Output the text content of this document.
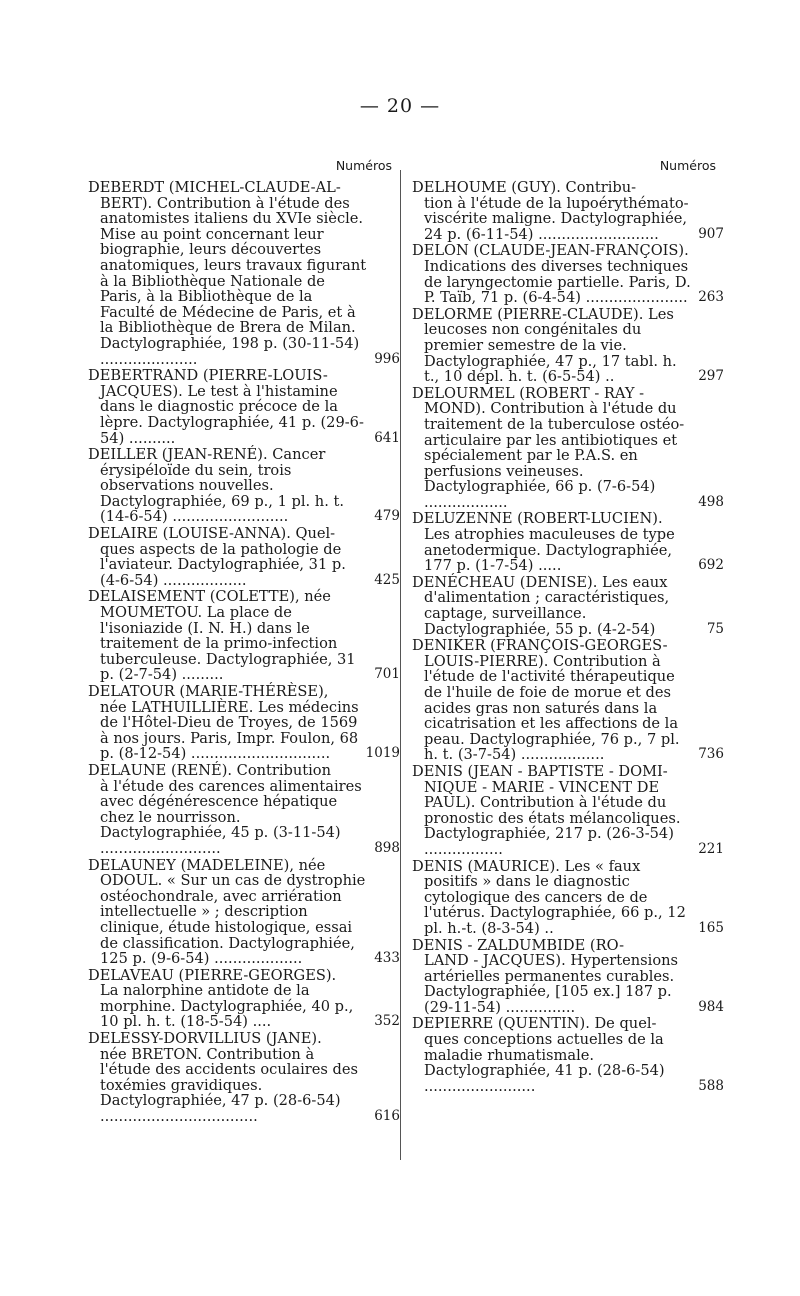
— 20 —
Numéros
DEBERDT (MICHEL-CLAUDE-AL-
BERT). Contribution à l'étude des anatomistes italiens du XVIe siècle. Mise au point concernant leur biographie, leurs découvertes anatomiques, leurs travaux figurant à la Bibliothèque Nationale de Paris, à la Bibliothèque de la Faculté de Médecine de Paris, et à la Bibliothèque de Brera de Milan. Dactylographiée, 198 p. (30-11-54) .....................	996
DEBERTRAND (PIERRE-LOUIS-
JACQUES). Le test à l'histamine dans le diagnostic précoce de la lèpre. Dactylographiée, 41 p. (29-6-54) ..........	641
DEILLER (JEAN-RENÉ). Cancer
érysipéloïde du sein, trois observations nouvelles. Dactylographiée, 69 p., 1 pl. h. t. (14-6-54) .........................	479
DELAIRE (LOUISE-ANNA). Quel-
ques aspects de la pathologie de l'aviateur. Dactylographiée, 31 p. (4-6-54) ..................	425
DELAISEMENT (COLETTE), née
MOUMETOU. La place de l'isoniazide (I. N. H.) dans le traitement de la primo-infection tuberculeuse. Dactylographiée, 31 p. (2-7-54) .........	701
DELATOUR (MARIE-THÉRÈSE),
née LATHUILLIÈRE. Les médecins de l'Hôtel-Dieu de Troyes, de 1569 à nos jours. Paris, Impr. Foulon, 68 p. (8-12-54) ..............................	1019
DELAUNE (RENÉ). Contribution
à l'étude des carences alimentaires avec dégénérescence hépatique chez le nourrisson. Dactylographiée, 45 p. (3-11-54) ..........................	898
DELAUNEY (MADELEINE), née
ODOUL. « Sur un cas de dystrophie ostéochondrale, avec arriération intellectuelle » ; description clinique, étude histologique, essai de classification. Dactylographiée, 125 p. (9-6-54) ...................	433
DELAVEAU (PIERRE-GEORGES).
La nalorphine antidote de la morphine. Dactylographiée, 40 p., 10 pl. h. t. (18-5-54) ....	352
DELESSY-DORVILLIUS (JANE).
née BRETON. Contribution à l'étude des accidents oculaires des toxémies gravidiques. Dactylographiée, 47 p. (28-6-54) ..................................	616
Numéros
DELHOUME (GUY). Contribu-
tion à l'étude de la lupoérythémato-viscérite maligne. Dactylographiée, 24 p. (6-11-54) ..........................	907
DELON (CLAUDE-JEAN-FRANÇOIS).
Indications des diverses techniques de laryngectomie partielle. Paris, D. P. Taïb, 71 p. (6-4-54) ...................... 263
DELORME (PIERRE-CLAUDE). Les
leucoses non congénitales du premier semestre de la vie. Dactylographiée, 47 p., 17 tabl. h. t., 10 dépl. h. t. (6-5-54) ..	297
DELOURMEL (ROBERT - RAY -
MOND). Contribution à l'étude du traitement de la tuberculose ostéo-articulaire par les antibiotiques et spécialement par le P.A.S. en perfusions veineuses. Dactylographiée, 66 p. (7-6-54) ..................	498
DELUZENNE (ROBERT-LUCIEN).
Les atrophies maculeuses de type anetodermique. Dactylographiée, 177 p. (1-7-54) .....	692
DENÉCHEAU (DENISE). Les eaux
d'alimentation ; caractéristiques, captage, surveillance. Dactylographiée, 55 p. (4-2-54)	75
DENIKER (FRANÇOIS-GEORGES-
LOUIS-PIERRE). Contribution à l'étude de l'activité thérapeutique de l'huile de foie de morue et des acides gras non saturés dans la cicatrisation et les affections de la peau. Dactylographiée, 76 p., 7 pl. h. t. (3-7-54) ..................	736
DENIS (JEAN - BAPTISTE - DOMI-
NIQUE - MARIE - VINCENT DE PAUL). Contribution à l'étude du pronostic des états mélancoliques. Dactylographiée, 217 p. (26-3-54) .................	221
DENIS (MAURICE). Les « faux
positifs » dans le diagnostic cytologique des cancers de de l'utérus. Dactylographiée, 66 p., 12 pl. h.-t. (8-3-54) ..	165
DENIS - ZALDUMBIDE (RO-
LAND - JACQUES). Hypertensions artérielles permanentes curables. Dactylographiée, [105 ex.] 187 p. (29-11-54) ...............	984
DEPIERRE (QUENTIN). De quel-
ques conceptions actuelles de la maladie rhumatismale. Dactylographiée, 41 p. (28-6-54) ........................	588
